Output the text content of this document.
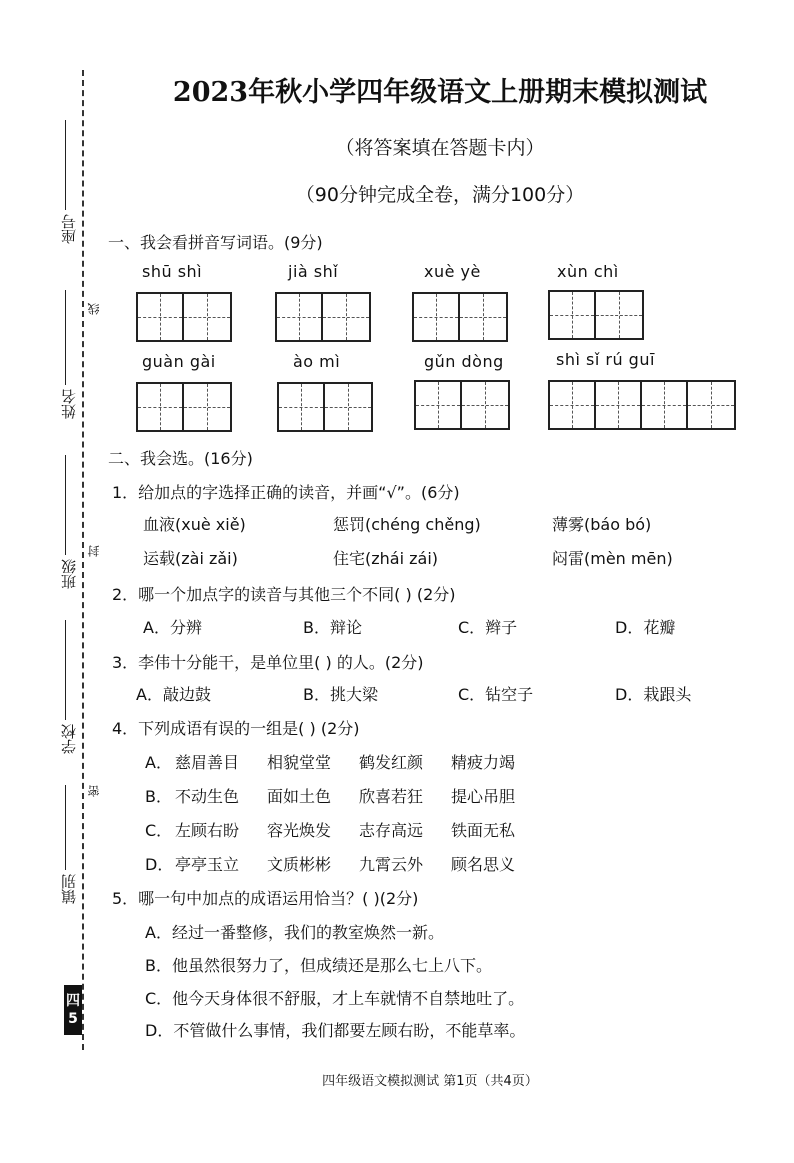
座号
姓名
班级
学校
镇别
线
封
密
四
5
2023年秋小学四年级语文上册期末模拟测试
（将答案填在答题卡内）
（90分钟完成全卷，满分100分）
一、我会看拼音写词语。(9分)
shū shì	jià shǐ	xuè yè	xùn chì
guàn gài	ào mì	gǔn dòng	shì sǐ rú guī
二、我会选。(16分)
1．给加点的字选择正确的读音，并画“√”。(6分)
血液(xuè xiě)	惩罚(chéng chěng)	薄雾(báo bó)
运载(zài zǎi)	住宅(zhái zái)	闷雷(mèn mēn)
2．哪一个加点字的读音与其他三个不同( ) (2分)
A．分辨	B．辩论	C．辫子	D．花瓣
3．李伟十分能干，是单位里( ) 的人。(2分)
A．敲边鼓	B．挑大梁	C．钻空子	D．栽跟头
4．下列成语有误的一组是( ) (2分)
A． 慈眉善目	相貌堂堂	鹤发红颜	精疲力竭
B． 不动生色	面如土色	欣喜若狂	提心吊胆
C． 左顾右盼	容光焕发	志存高远	铁面无私
D． 亭亭玉立	文质彬彬	九霄云外	顾名思义
5．哪一句中加点的成语运用恰当？( )(2分)
A．经过一番整修，我们的教室焕然一新。
B．他虽然很努力了，但成绩还是那么七上八下。
C．他今天身体很不舒服，才上车就情不自禁地吐了。
D．不管做什么事情，我们都要左顾右盼，不能草率。
四年级语文模拟测试 第1页（共4页）
